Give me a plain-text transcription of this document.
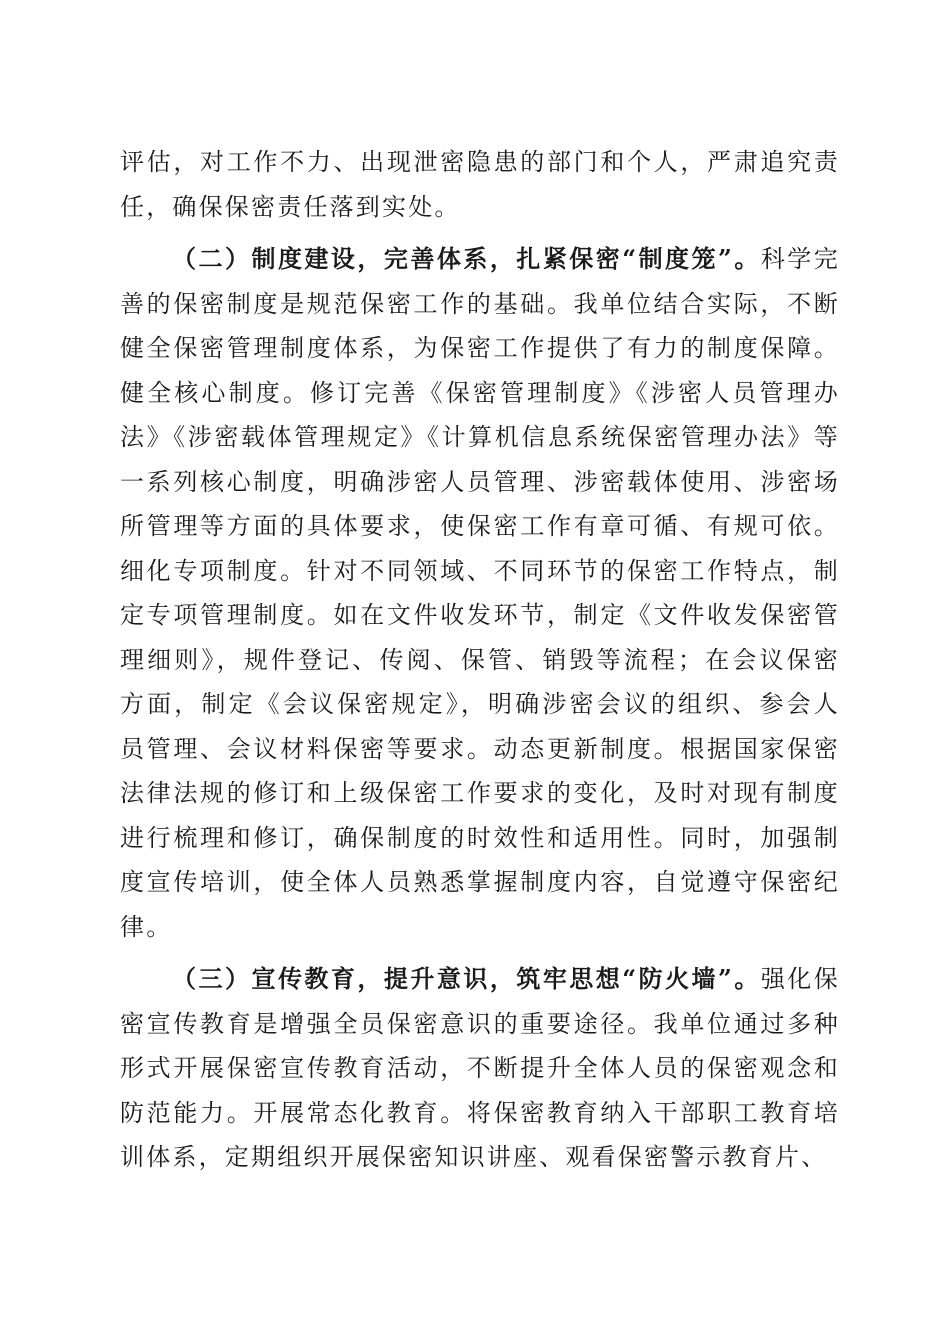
评估，对工作不力、出现泄密隐患的部门和个人，严肃追究责任，确保保密责任落到实处。

（二）制度建设，完善体系，扎紧保密“制度笼”。科学完善的保密制度是规范保密工作的基础。我单位结合实际，不断健全保密管理制度体系，为保密工作提供了有力的制度保障。健全核心制度。修订完善《保密管理制度》《涉密人员管理办法》《涉密载体管理规定》《计算机信息系统保密管理办法》等一系列核心制度，明确涉密人员管理、涉密载体使用、涉密场所管理等方面的具体要求，使保密工作有章可循、有规可依。细化专项制度。针对不同领域、不同环节的保密工作特点，制定专项管理制度。如在文件收发环节，制定《文件收发保密管理细则》，规件登记、传阅、保管、销毁等流程；在会议保密方面，制定《会议保密规定》，明确涉密会议的组织、参会人员管理、会议材料保密等要求。动态更新制度。根据国家保密法律法规的修订和上级保密工作要求的变化，及时对现有制度进行梳理和修订，确保制度的时效性和适用性。同时，加强制度宣传培训，使全体人员熟悉掌握制度内容，自觉遵守保密纪律。

（三）宣传教育，提升意识，筑牢思想“防火墙”。强化保密宣传教育是增强全员保密意识的重要途径。我单位通过多种形式开展保密宣传教育活动，不断提升全体人员的保密观念和防范能力。开展常态化教育。将保密教育纳入干部职工教育培训体系，定期组织开展保密知识讲座、观看保密警示教育片、
